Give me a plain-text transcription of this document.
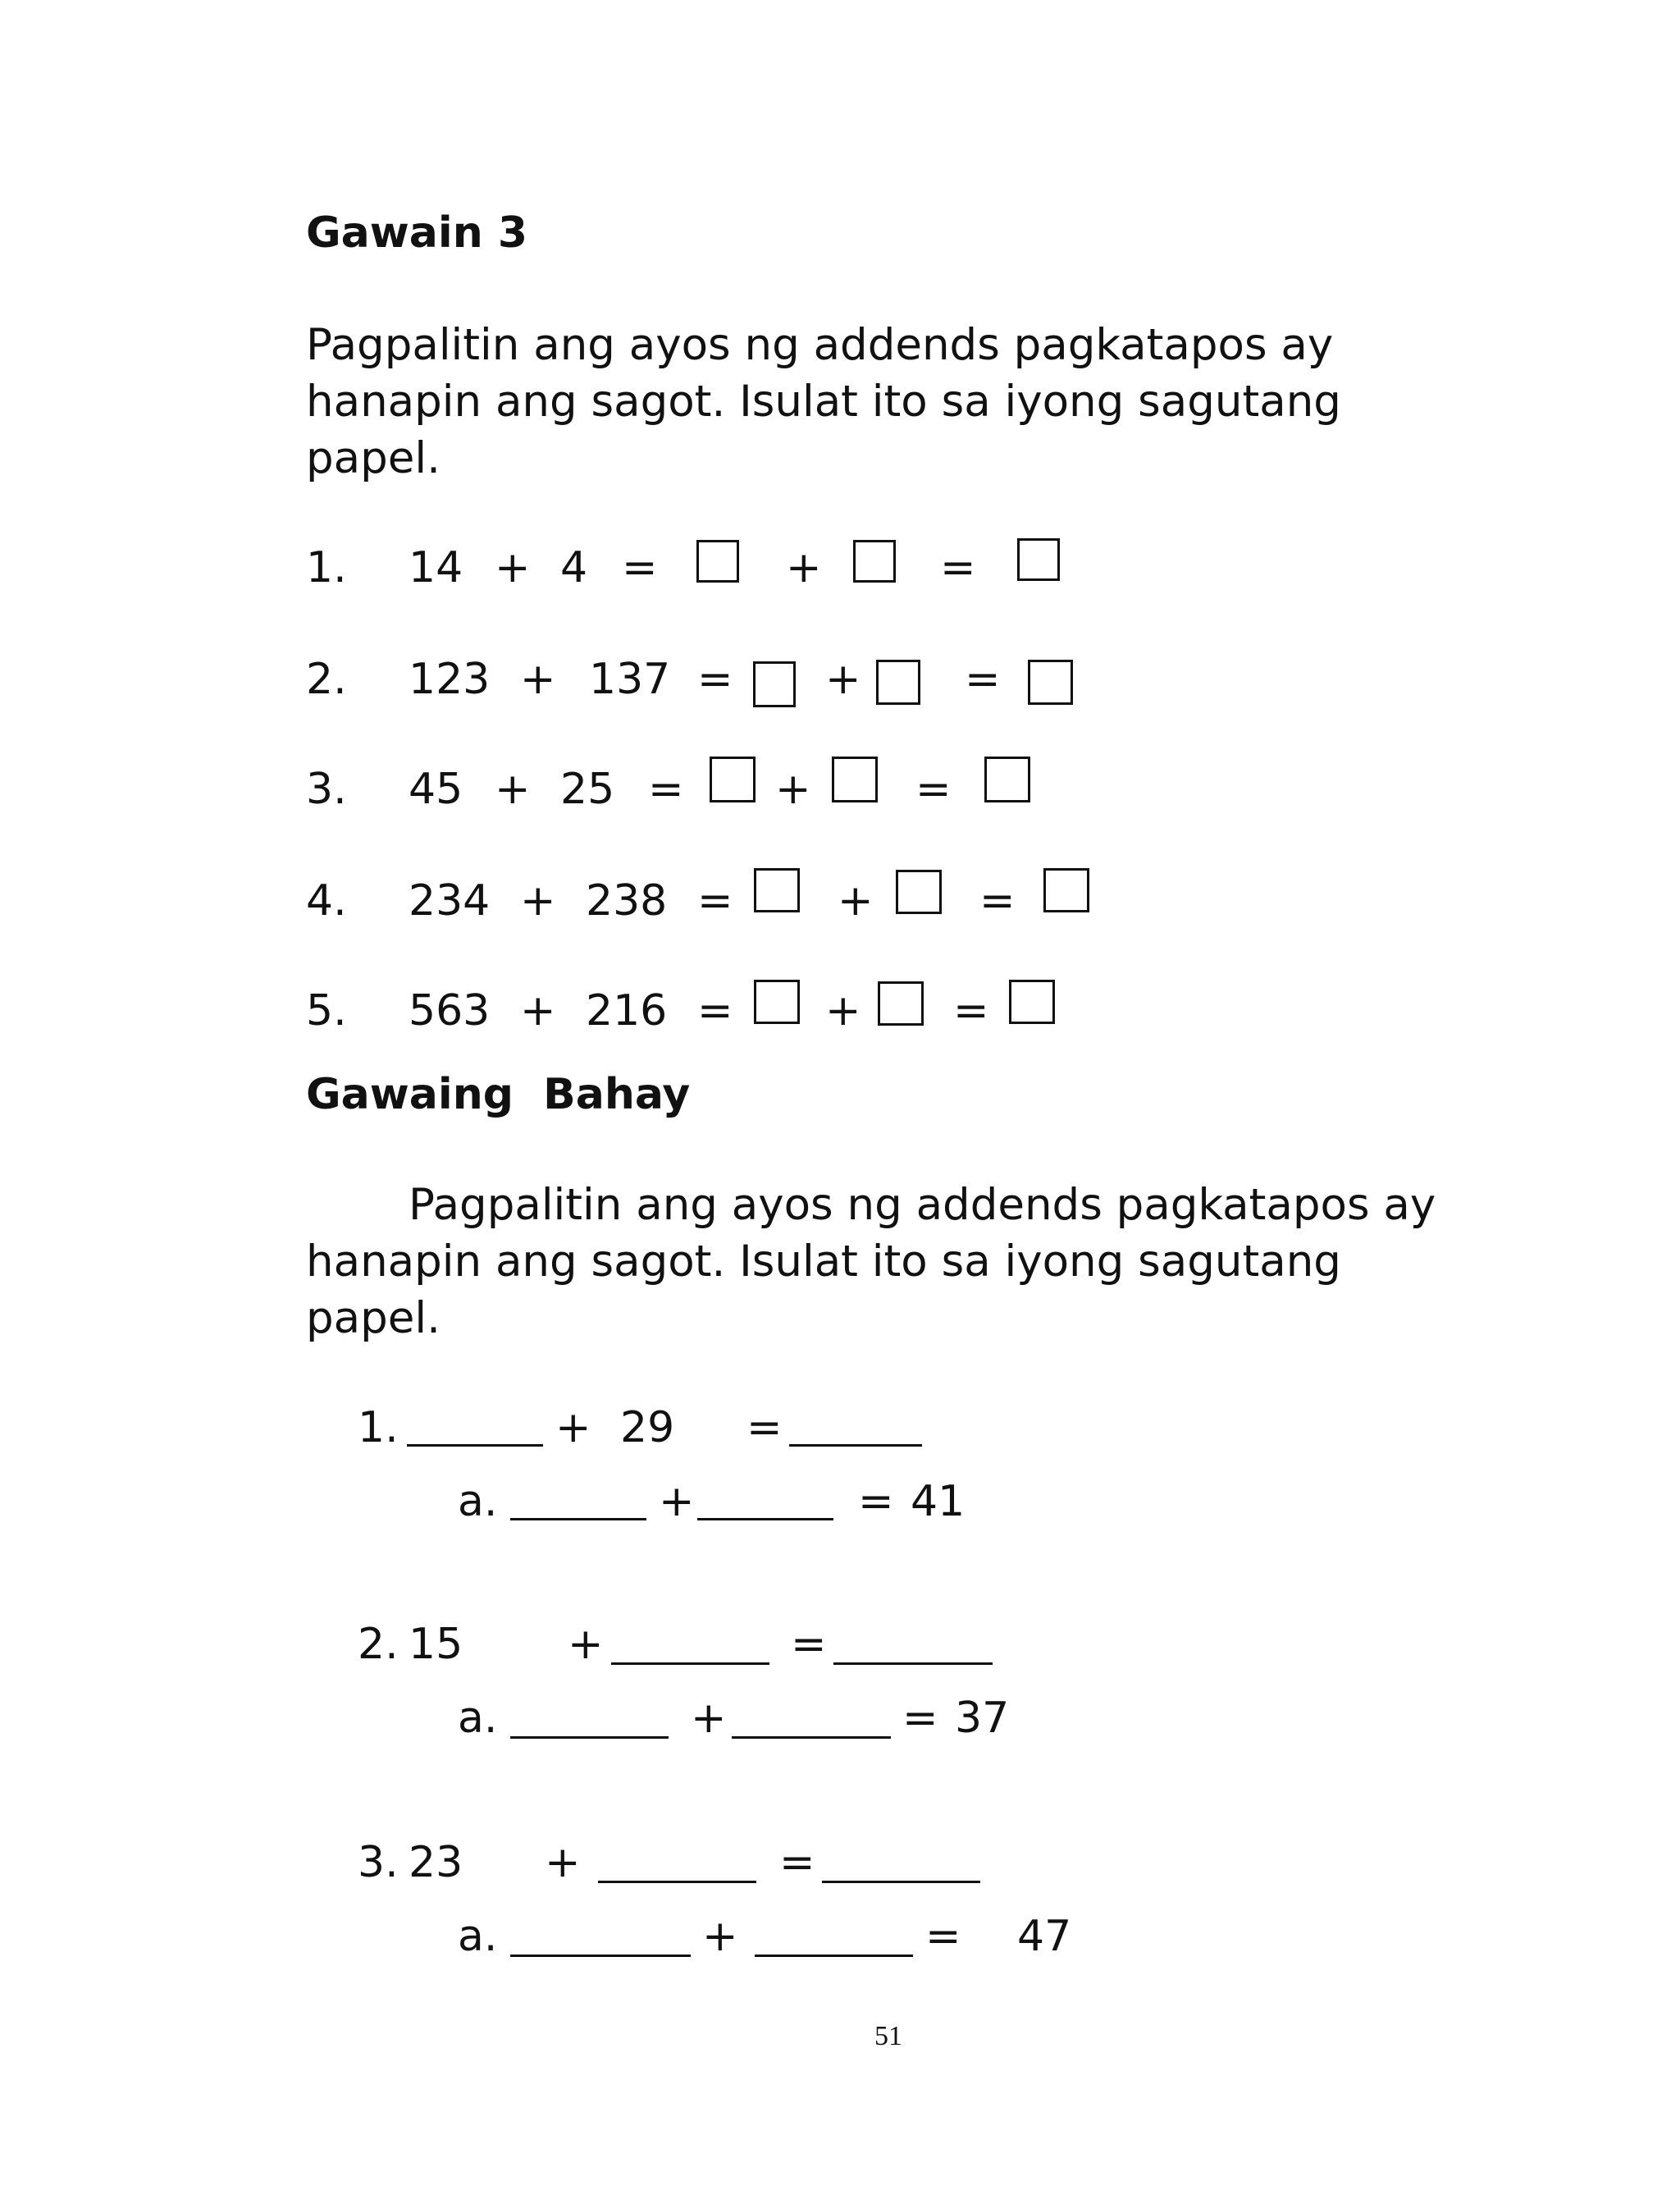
Gawain 3
Pagpalitin ang ayos ng addends pagkatapos ay
hanapin ang sagot. Isulat ito sa iyong sagutang
papel.
1. 14 + 4 =	+	=
2. 123 + 137 = + =
3. 45 + 25 = + =
4. 234 + 238 = + =
5. 563 + 216 = + =
Gawaing  Bahay
Pagpalitin ang ayos ng addends pagkatapos ay
hanapin ang sagot. Isulat ito sa iyong sagutang
papel.
1.	+ 29 =
a.	+	= 41
2. 15 +	=
a.	+	= 37
3. 23 +	=
a.	+	= 47
51
